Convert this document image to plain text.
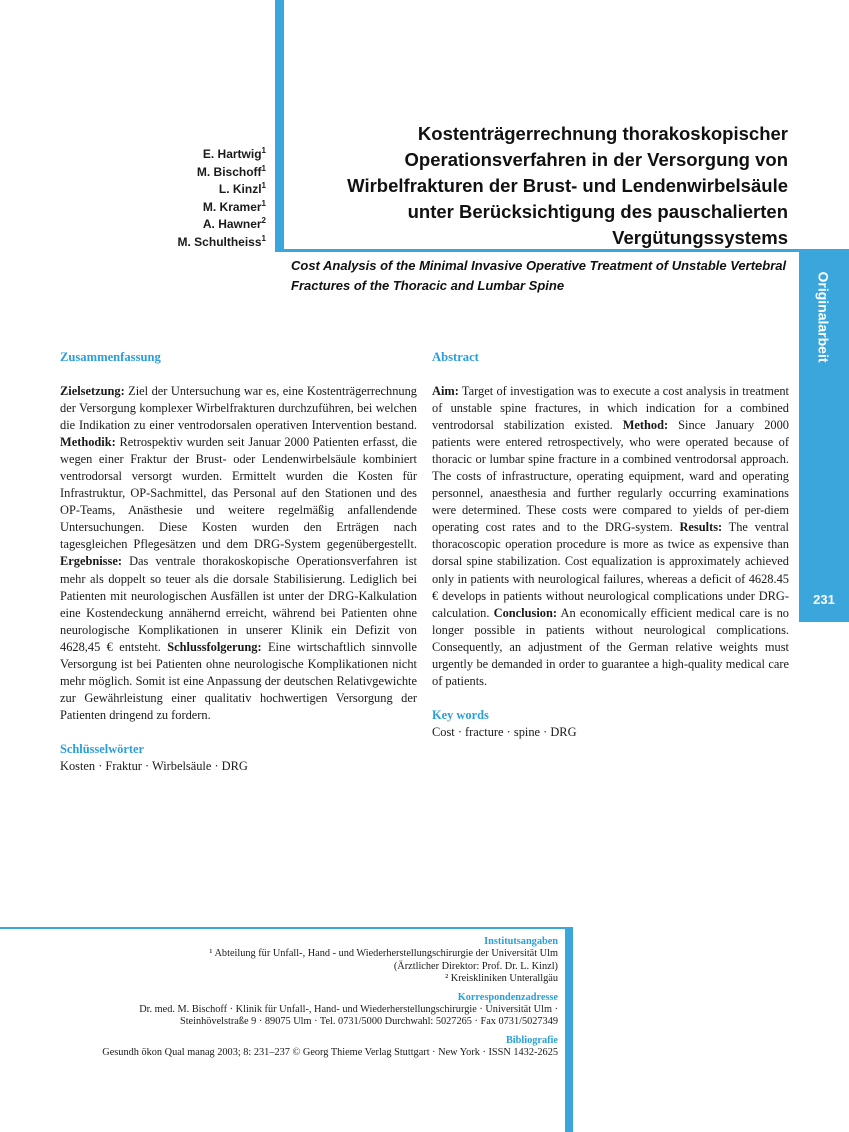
Originalarbeit
231
E. Hartwig$^1$
M. Bischoff$^1$
L. Kinzl$^1$
M. Kramer$^1$
A. Hawner$^2$
M. Schultheiss$^1$
Kostenträgerrechnung thorakoskopischer
Operationsverfahren in der Versorgung von
Wirbelfrakturen der Brust- und Lendenwirbelsäule
unter Berücksichtigung des pauschalierten
Vergütungssystems
Cost Analysis of the Minimal Invasive Operative Treatment of Unstable Vertebral
Fractures of the Thoracic and Lumbar Spine
Zusammenfassung

Zielsetzung: Ziel der Untersuchung war es, eine Kostenträgerrechnung der Versorgung komplexer Wirbelfrakturen durchzuführen, bei welchen die Indikation zu einer ventrodorsalen operativen Intervention bestand. Methodik: Retrospektiv wurden seit Januar 2000 Patienten erfasst, die wegen einer Fraktur der Brust- oder Lendenwirbelsäule kombiniert ventrodorsal versorgt wurden. Ermittelt wurden die Kosten für Infrastruktur, OP-Sachmittel, das Personal auf den Stationen und des OP-Teams, Anästhesie und weitere regelmäßig anfallendende Untersuchungen. Diese Kosten wurden den Erträgen nach tagesgleichen Pflegesätzen und dem DRG-System gegenübergestellt. Ergebnisse: Das ventrale thorakoskopische Operationsverfahren ist mehr als doppelt so teuer als die dorsale Stabilisierung. Lediglich bei Patienten mit neurologischen Ausfällen ist unter der DRG-Kalkulation eine Kostendeckung annähernd erreicht, während bei Patienten ohne neurologische Komplikationen in unserer Klinik ein Defizit von 4628,45 € entsteht. Schlussfolgerung: Eine wirtschaftlich sinnvolle Versorgung ist bei Patienten ohne neurologische Komplikationen nicht mehr möglich. Somit ist eine Anpassung der deutschen Relativgewichte zur Gewährleistung einer qualitativ hochwertigen Versorgung der Patienten dringend zu fordern.

Schlüsselwörter
Kosten · Fraktur · Wirbelsäule · DRG
Abstract

Aim: Target of investigation was to execute a cost analysis in treatment of unstable spine fractures, in which indication for a combined ventrodorsal stabilization existed. Method: Since January 2000 patients were entered retrospectively, who were operated because of thoracic or lumbar spine fracture in a combined ventrodorsal approach. The costs of infrastructure, operating equipment, ward and operating personnel, anaesthesia and further regularly occurring examinations were determined. These costs were compared to yields of per-diem operating cost rates and to the DRG-system. Results: The ventral thoracoscopic operation procedure is more as twice as expensive than dorsal spine stabilization. Cost equalization is approximately achieved only in patients with neurological failures, whereas a deficit of 4628.45 € develops in patients without neurological complications under DRG-calculation. Conclusion: An economically efficient medical care is no longer possible in patients without neurological complications. Consequently, an adjustment of the German relative weights must urgently be demanded in order to guarantee a high-quality medical care of patients.

Key words
Cost · fracture · spine · DRG
Institutsangaben
¹ Abteilung für Unfall-, Hand - und Wiederherstellungschirurgie der Universität Ulm
(Ärztlicher Direktor: Prof. Dr. L. Kinzl)
² Kreiskliniken Unterallgäu
Korrespondenzadresse
Dr. med. M. Bischoff · Klinik für Unfall-, Hand- und Wiederherstellungschirurgie · Universität Ulm ·
Steinhövelstraße 9 · 89075 Ulm · Tel. 0731/5000 Durchwahl: 5027265 · Fax 0731/5027349
Bibliografie
Gesundh ökon Qual manag 2003; 8: 231–237 © Georg Thieme Verlag Stuttgart · New York · ISSN 1432-2625
